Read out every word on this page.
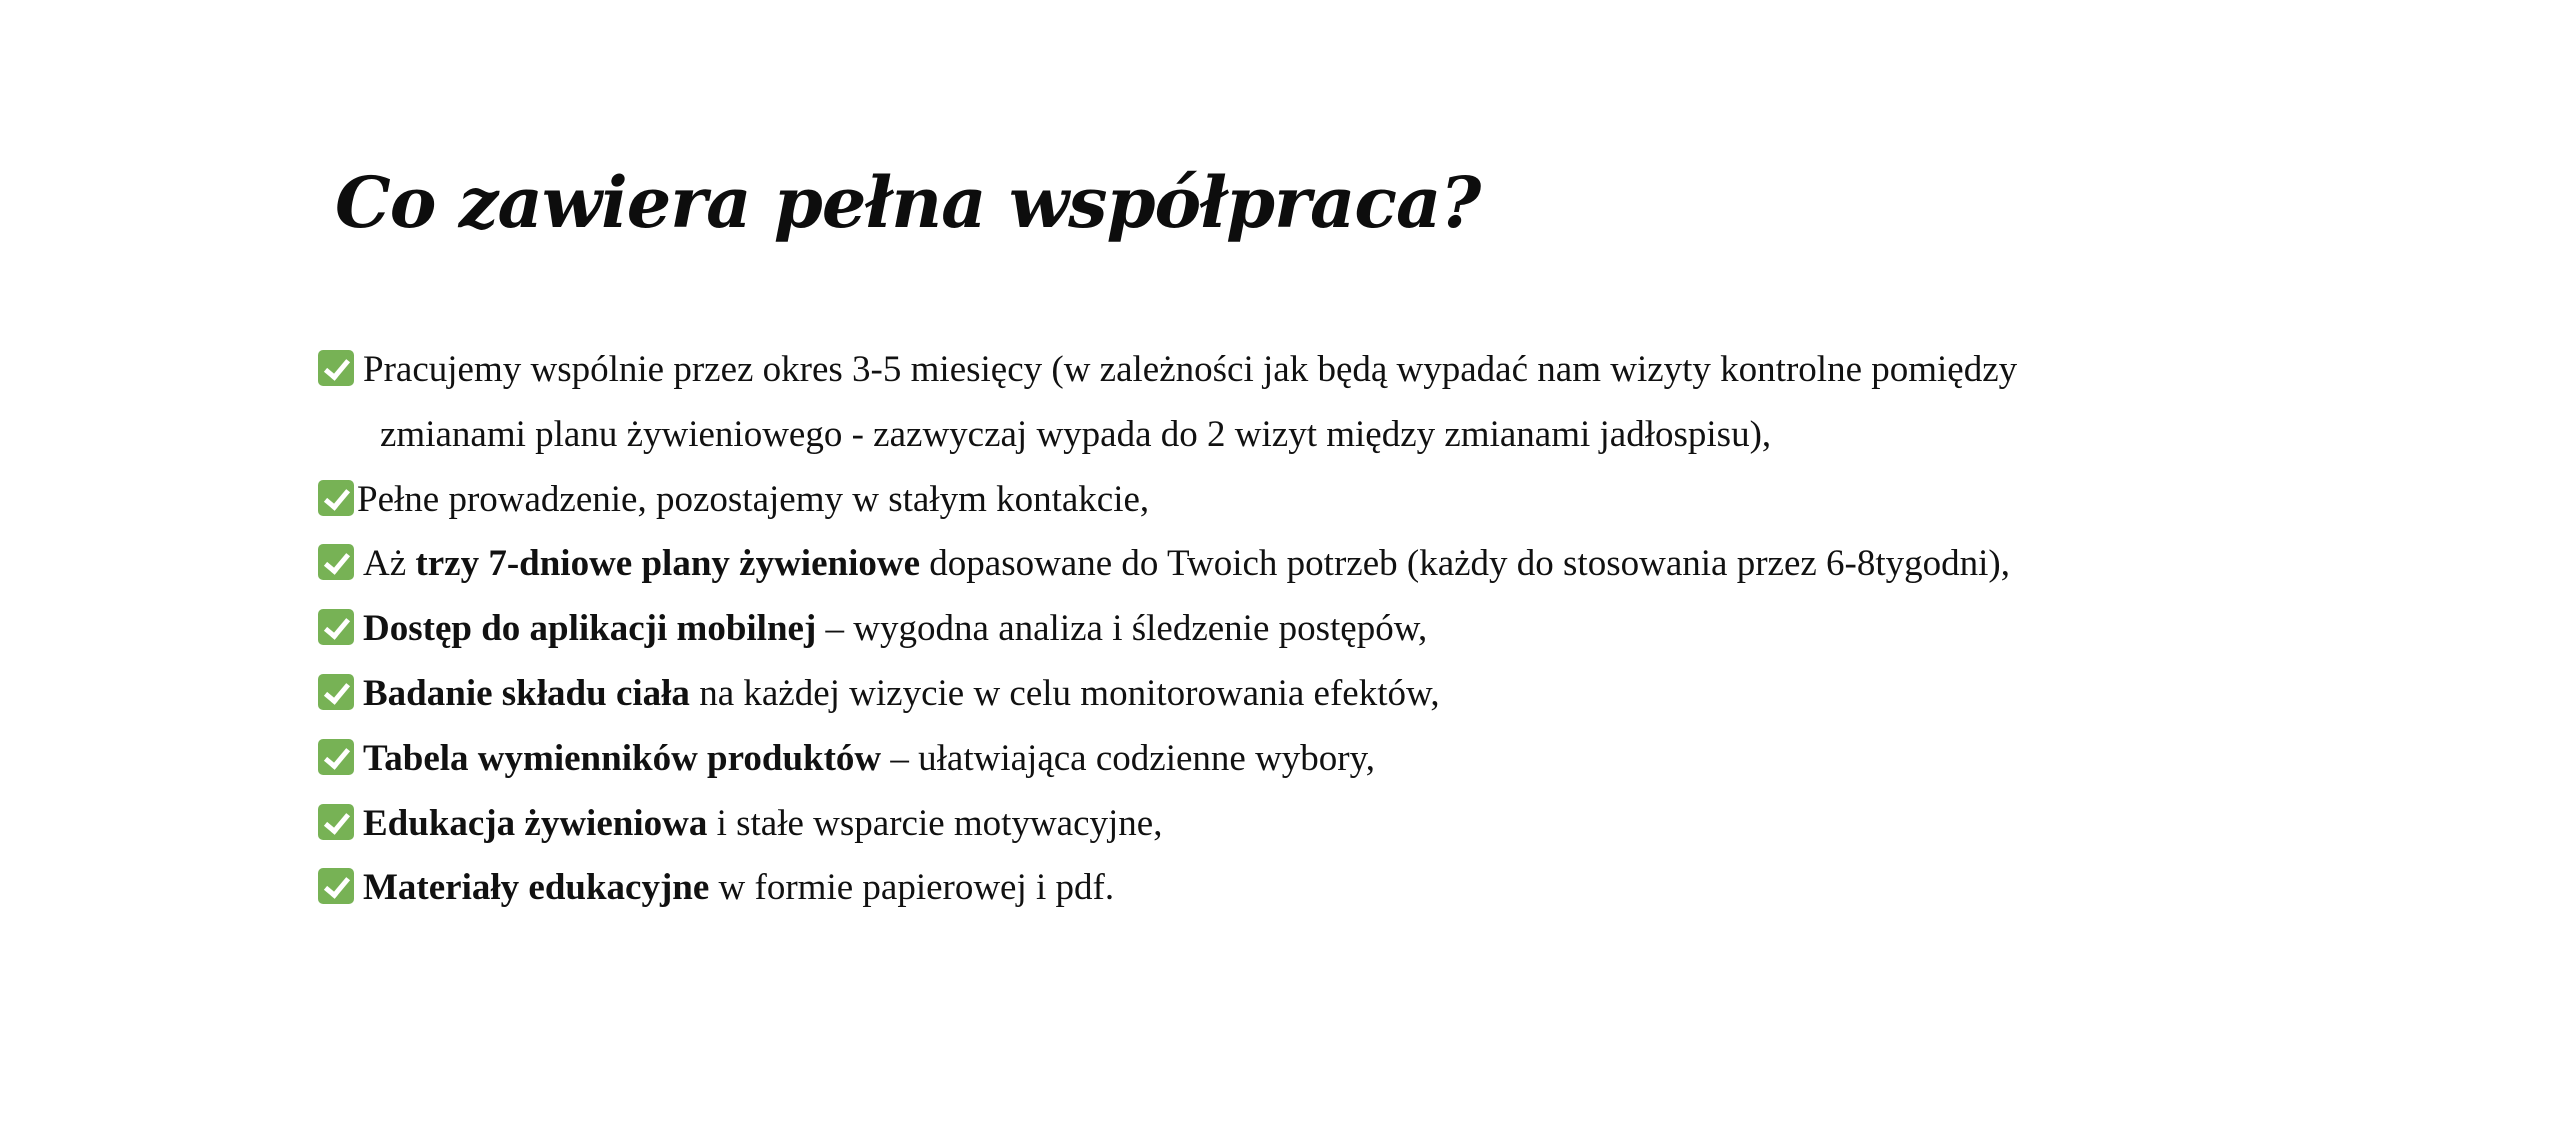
Co zawiera pełna współpraca?
Pracujemy wspólnie przez okres 3-5 miesięcy (w zależności jak będą wypadać nam wizyty kontrolne pomiędzy
zmianami planu żywieniowego - zazwyczaj wypada do 2 wizyt między zmianami jadłospisu),
Pełne prowadzenie, pozostajemy w stałym kontakcie,
Aż trzy 7-dniowe plany żywieniowe dopasowane do Twoich potrzeb (każdy do stosowania przez 6-8tygodni),
Dostęp do aplikacji mobilnej – wygodna analiza i śledzenie postępów,
Badanie składu ciała na każdej wizycie w celu monitorowania efektów,
Tabela wymienników produktów – ułatwiająca codzienne wybory,
Edukacja żywieniowa i stałe wsparcie motywacyjne,
Materiały edukacyjne w formie papierowej i pdf.
